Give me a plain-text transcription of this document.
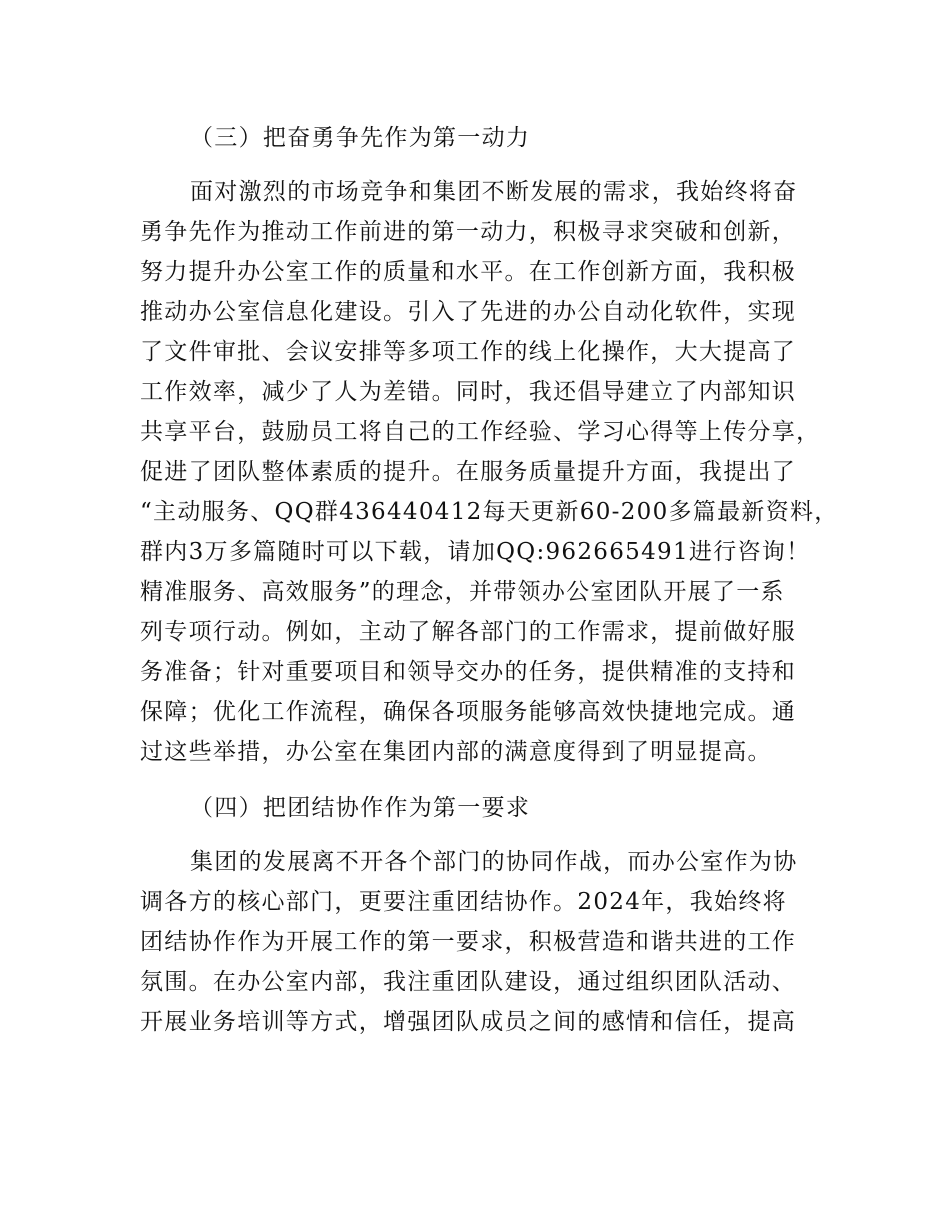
（三）把奋勇争先作为第一动力
面对激烈的市场竞争和集团不断发展的需求，我始终将奋
勇争先作为推动工作前进的第一动力，积极寻求突破和创新，
努力提升办公室工作的质量和水平。在工作创新方面，我积极
推动办公室信息化建设。引入了先进的办公自动化软件，实现
了文件审批、会议安排等多项工作的线上化操作，大大提高了
工作效率，减少了人为差错。同时，我还倡导建立了内部知识
共享平台，鼓励员工将自己的工作经验、学习心得等上传分享，
促进了团队整体素质的提升。在服务质量提升方面，我提出了
“主动服务、QQ群436440412每天更新60-200多篇最新资料，
群内3万多篇随时可以下载，请加QQ:962665491进行咨询！
精准服务、高效服务”的理念，并带领办公室团队开展了一系
列专项行动。例如，主动了解各部门的工作需求，提前做好服
务准备；针对重要项目和领导交办的任务，提供精准的支持和
保障；优化工作流程，确保各项服务能够高效快捷地完成。通
过这些举措，办公室在集团内部的满意度得到了明显提高。
（四）把团结协作作为第一要求
集团的发展离不开各个部门的协同作战，而办公室作为协
调各方的核心部门，更要注重团结协作。2024年，我始终将
团结协作作为开展工作的第一要求，积极营造和谐共进的工作
氛围。在办公室内部，我注重团队建设，通过组织团队活动、
开展业务培训等方式，增强团队成员之间的感情和信任，提高
